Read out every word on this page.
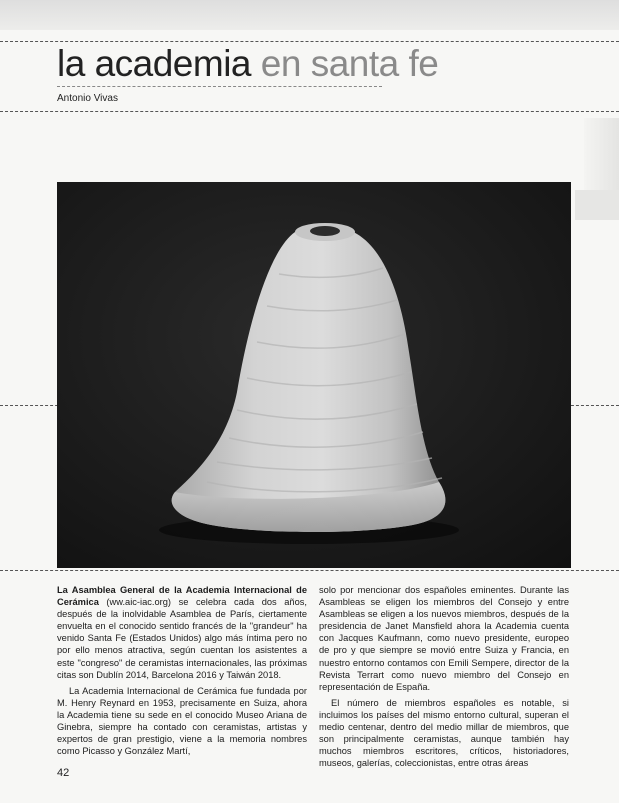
la academia en santa fe
Antonio Vivas

La Asamblea General de la Academia Internacional de Cerámica (ww.aic-iac.org) se celebra cada dos años, después de la inolvidable Asamblea de París, ciertamente envuelta en el conocido sentido francés de la "grandeur" ha venido Santa Fe (Estados Unidos) algo más íntima pero no por ello menos atractiva, según cuentan los asistentes a este "congreso" de ceramistas internacionales, las próximas citas son Dublín 2014, Barcelona 2016 y Taiwán 2018.

La Academia Internacional de Cerámica fue fundada por M. Henry Reynard en 1953, precisamente en Suiza, ahora la Academia tiene su sede en el conocido Museo Ariana de Ginebra, siempre ha contado con ceramistas, artistas y expertos de gran prestigio, viene a la memoria nombres como Picasso y González Martí,

solo por mencionar dos españoles eminentes. Durante las Asambleas se eligen los miembros del Consejo y entre Asambleas se eligen a los nuevos miembros, después de la presidencia de Janet Mansfield ahora la Academia cuenta con Jacques Kaufmann, como nuevo presidente, europeo de pro y que siempre se movió entre Suiza y Francia, en nuestro entorno contamos con Emili Sempere, director de la Revista Terrart como nuevo miembro del Consejo en representación de España.

El número de miembros españoles es notable, si incluimos los países del mismo entorno cultural, superan el medio centenar, dentro del medio millar de miembros, que son principalmente ceramistas, aunque también hay muchos miembros escritores, críticos, historiadores, museos, galerías, coleccionistas, entre otras áreas

42
